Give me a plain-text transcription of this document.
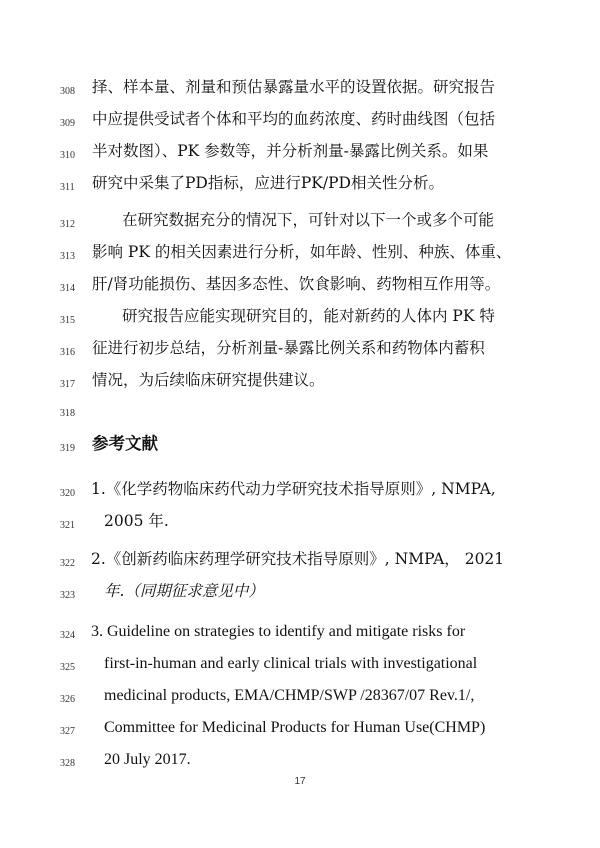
308
309
310
311
312
313
314
315
316
317
318
319
320
321
322
323
324
325
326
327
328
择、样本量、剂量和预估暴露量水平的设置依据。研究报告
中应提供受试者个体和平均的血药浓度、药时曲线图（包括
半对数图）、PK 参数等，并分析剂量-暴露比例关系。如果
研究中采集了PD指标，应进行PK/PD相关性分析。
在研究数据充分的情况下，可针对以下一个或多个可能
影响 PK 的相关因素进行分析，如年龄、性别、种族、体重、
肝/肾功能损伤、基因多态性、饮食影响、药物相互作用等。
研究报告应能实现研究目的，能对新药的人体内 PK 特
征进行初步总结，分析剂量-暴露比例关系和药物体内蓄积
情况，为后续临床研究提供建议。
参考文献
1.《化学药物临床药代动力学研究技术指导原则》, NMPA,
2005 年.
2.《创新药临床药理学研究技术指导原则》, NMPA， 2021
年.（同期征求意见中）
3. Guideline on strategies to identify and mitigate risks for
first-in-human and early clinical trials with investigational
medicinal products, EMA/CHMP/SWP /28367/07 Rev.1/,
Committee for Medicinal Products for Human Use(CHMP)
20 July 2017.
17
